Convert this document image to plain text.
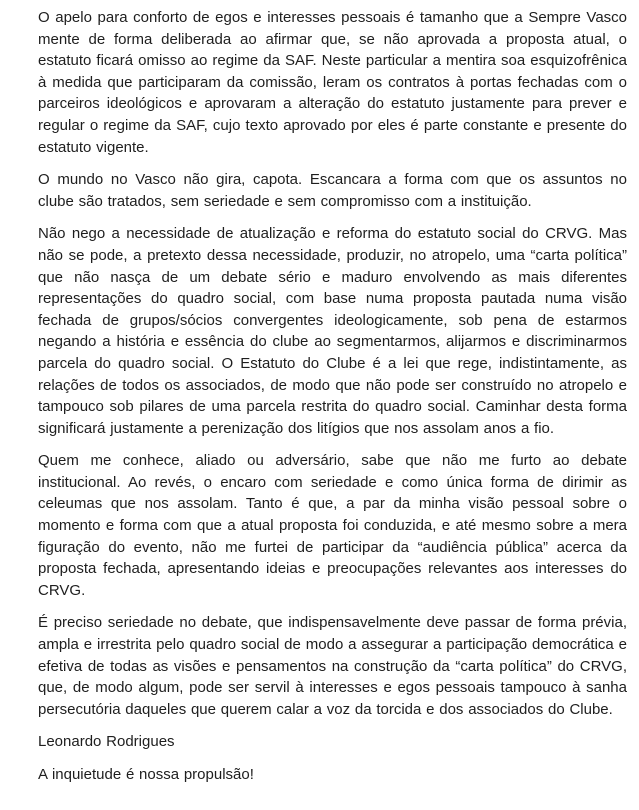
O apelo para conforto de egos e interesses pessoais é tamanho que a Sempre Vasco mente de forma deliberada ao afirmar que, se não aprovada a proposta atual, o estatuto ficará omisso ao regime da SAF. Neste particular a mentira soa esquizofrênica à medida que participaram da comissão, leram os contratos à portas fechadas com o parceiros ideológicos e aprovaram a alteração do estatuto justamente para prever e regular o regime da SAF, cujo texto aprovado por eles é parte constante e presente do estatuto vigente.

O mundo no Vasco não gira, capota. Escancara a forma com que os assuntos no clube são tratados, sem seriedade e sem compromisso com a instituição.

Não nego a necessidade de atualização e reforma do estatuto social do CRVG. Mas não se pode, a pretexto dessa necessidade, produzir, no atropelo, uma “carta política” que não nasça de um debate sério e maduro envolvendo as mais diferentes representações do quadro social, com base numa proposta pautada numa visão fechada de grupos/sócios convergentes ideologicamente, sob pena de estarmos negando a história e essência do clube ao segmentarmos, alijarmos e discriminarmos parcela do quadro social. O Estatuto do Clube é a lei que rege, indistintamente, as relações de todos os associados, de modo que não pode ser construído no atropelo e tampouco sob pilares de uma parcela restrita do quadro social. Caminhar desta forma significará justamente a perenização dos litígios que nos assolam anos a fio.

Quem me conhece, aliado ou adversário, sabe que não me furto ao debate institucional. Ao revés, o encaro com seriedade e como única forma de dirimir as celeumas que nos assolam. Tanto é que, a par da minha visão pessoal sobre o momento e forma com que a atual proposta foi conduzida, e até mesmo sobre a mera figuração do evento, não me furtei de participar da “audiência pública” acerca da proposta fechada, apresentando ideias e preocupações relevantes aos interesses do CRVG.

É preciso seriedade no debate, que indispensavelmente deve passar de forma prévia, ampla e irrestrita pelo quadro social de modo a assegurar a participação democrática e efetiva de todas as visões e pensamentos na construção da “carta política” do CRVG, que, de modo algum, pode ser servil à interesses e egos pessoais tampouco à sanha persecutória daqueles que querem calar a voz da torcida e dos associados do Clube.

Leonardo Rodrigues

A inquietude é nossa propulsão!
